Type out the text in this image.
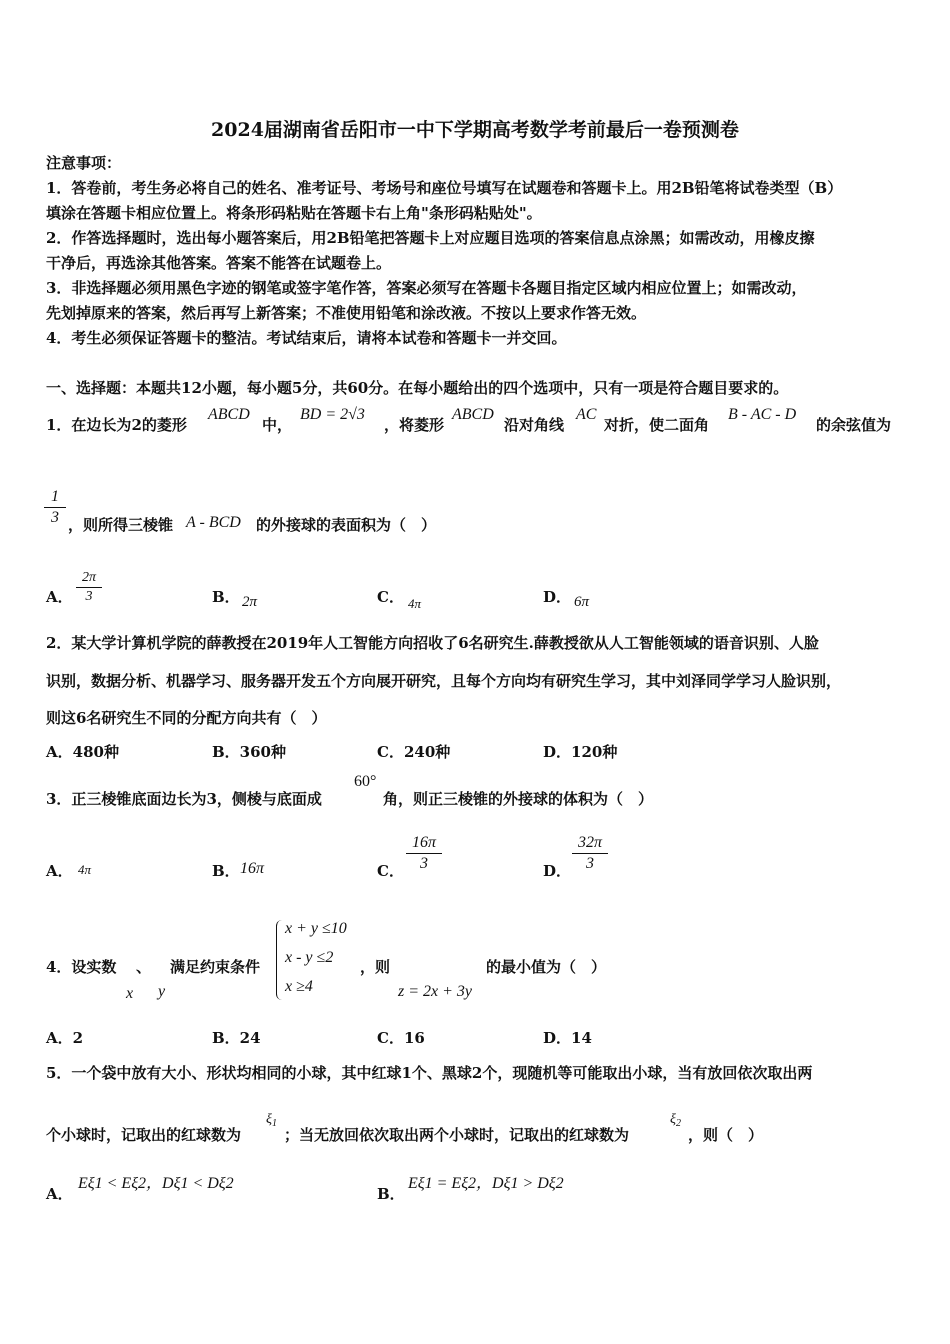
2024届湖南省岳阳市一中下学期高考数学考前最后一卷预测卷
注意事项：
1．答卷前，考生务必将自己的姓名、准考证号、考场号和座位号填写在试题卷和答题卡上。用2B铅笔将试卷类型（B）
填涂在答题卡相应位置上。将条形码粘贴在答题卡右上角"条形码粘贴处"。
2．作答选择题时，选出每小题答案后，用2B铅笔把答题卡上对应题目选项的答案信息点涂黑；如需改动，用橡皮擦
干净后，再选涂其他答案。答案不能答在试题卷上。
3．非选择题必须用黑色字迹的钢笔或签字笔作答，答案必须写在答题卡各题目指定区域内相应位置上；如需改动，
先划掉原来的答案，然后再写上新答案；不准使用铅笔和涂改液。不按以上要求作答无效。
4．考生必须保证答题卡的整洁。考试结束后，请将本试卷和答题卡一并交回。
一、选择题：本题共12小题，每小题5分，共60分。在每小题给出的四个选项中，只有一项是符合题目要求的。
1．在边长为2的菱形
ABCD
中，
BD = 2√3
，将菱形
ABCD
沿对角线
AC
对折，使二面角
B - AC - D
的余弦值为
1
3 ，则所得三棱锥 A - BCD 的外接球的表面积为（　）
A．
2π
3	B． 2π	C． 4π	D． 6π
2．某大学计算机学院的薛教授在2019年人工智能方向招收了6名研究生.薛教授欲从人工智能领域的语音识别、人脸
识别，数据分析、机器学习、服务器开发五个方向展开研究，且每个方向均有研究生学习，其中刘泽同学学习人脸识别，
则这6名研究生不同的分配方向共有（　）
A．480种	B．360种	C．240种	D．120种
3．正三棱锥底面边长为3，侧棱与底面成
60°
角，则正三棱锥的外接球的体积为（　）
A． 4π	B． 16π	C．
16π
3	D．
32π
3
4．设实数 、 满足约束条件
x y
x + y ≤10
x - y ≤2
x ≥4
，则
z = 2x + 3y
的最小值为（　）
A．2	B．24	C．16	D．14
5．一个袋中放有大小、形状均相同的小球，其中红球1个、黑球2个，现随机等可能取出小球，当有放回依次取出两
个小球时，记取出的红球数为
$\xi_1$
；当无放回依次取出两个小球时，记取出的红球数为
$\xi_2$
，则（　）
A．
Eξ1 < Eξ2，Dξ1 < Dξ2
B．
Eξ1 = Eξ2，Dξ1 > Dξ2
